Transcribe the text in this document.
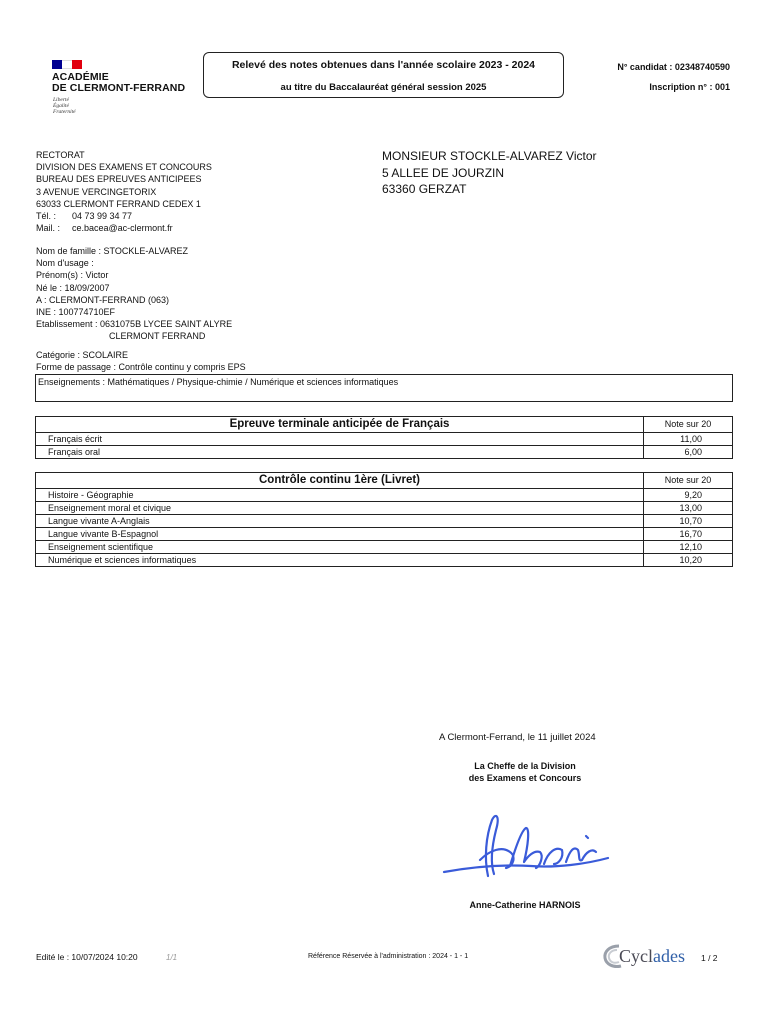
ACADÉMIE
DE CLERMONT-FERRAND
Liberté
Égalité
Fraternité
Relevé des notes obtenues dans l'année scolaire 2023 - 2024
au titre du Baccalauréat général session 2025
N° candidat : 02348740590
Inscription n° : 001
RECTORAT
DIVISION DES EXAMENS ET CONCOURS
BUREAU DES EPREUVES ANTICIPEES
3 AVENUE VERCINGETORIX
63033 CLERMONT FERRAND CEDEX 1
Tél. : 04 73 99 34 77
Mail. : ce.bacea@ac-clermont.fr
MONSIEUR STOCKLE-ALVAREZ Victor
5 ALLEE DE JOURZIN
63360 GERZAT
Nom de famille : STOCKLE-ALVAREZ
Nom d'usage :
Prénom(s) : Victor
Né le : 18/09/2007
A : CLERMONT-FERRAND (063)
INE : 100774710EF
Etablissement : 0631075B LYCEE SAINT ALYRE
CLERMONT FERRAND
Catégorie : SCOLAIRE
Forme de passage : Contrôle continu y compris EPS
Enseignements : Mathématiques / Physique-chimie / Numérique et sciences informatiques
Epreuve terminale anticipée de Français	Note sur 20
Français écrit	11,00
Français oral	6,00
Contrôle continu 1ère (Livret)	Note sur 20
Histoire - Géographie	9,20
Enseignement moral et civique	13,00
Langue vivante A-Anglais	10,70
Langue vivante B-Espagnol	16,70
Enseignement scientifique	12,10
Numérique et sciences informatiques	10,20
A Clermont-Ferrand, le 11 juillet 2024
La Cheffe de la Division
des Examens et Concours
Anne-Catherine HARNOIS
Edité le : 10/07/2024 10:20	1/1	Référence Réservée à l'administration : 2024 - 1 - 1	Cyclades 1 / 2
